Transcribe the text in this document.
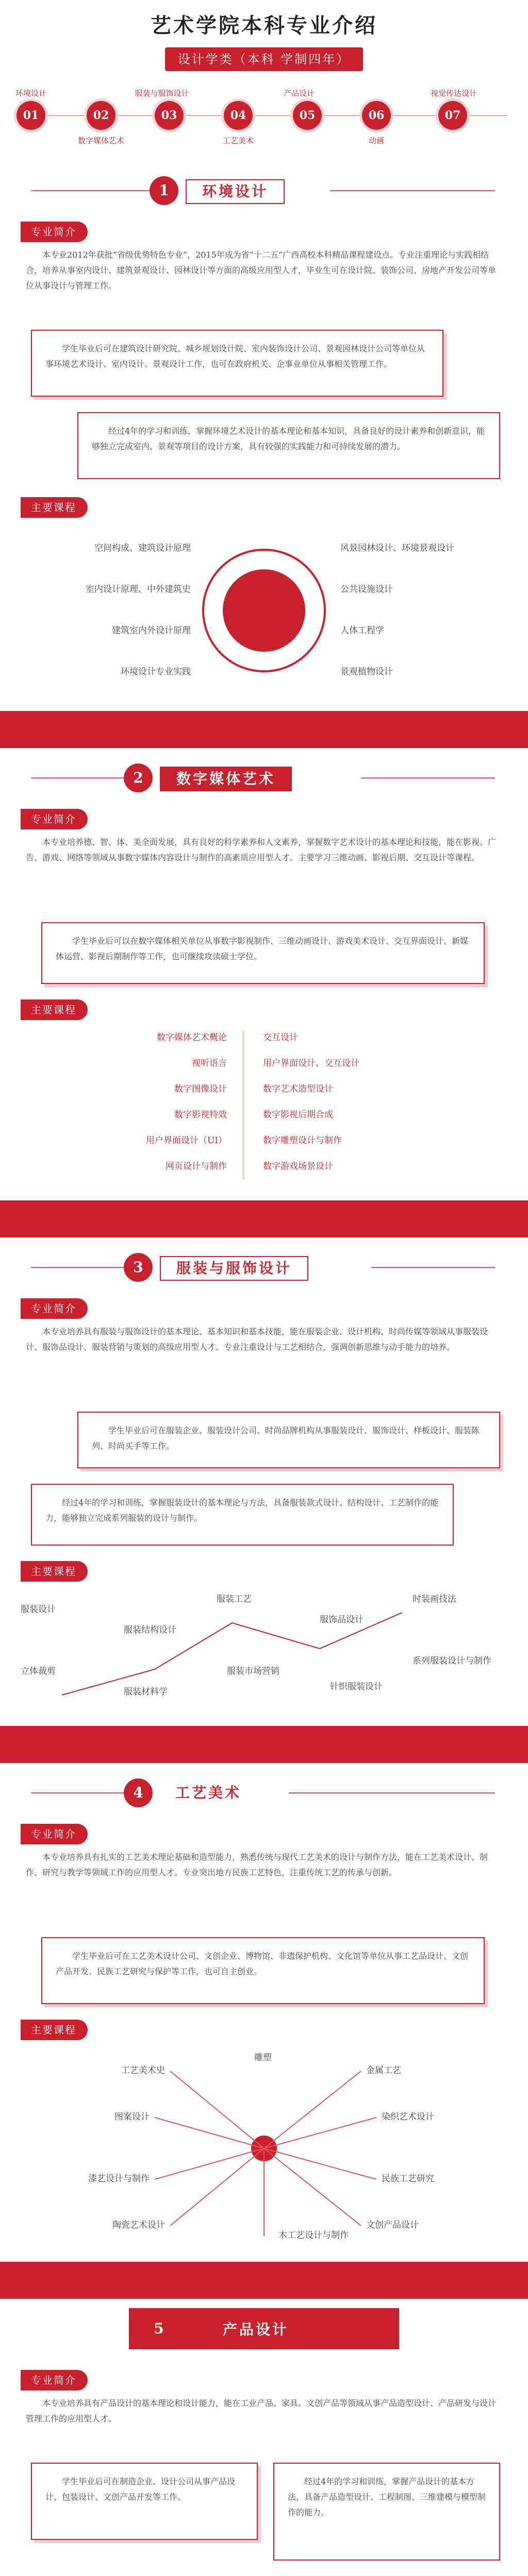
艺术学院本科专业介绍
设计学类（本科 学制四年）
环境设计
01	02
数字媒体艺术
服装与服饰设计
03	04
工艺美术
产品设计
05	06
动画
视觉传达设计
07
1	环境设计
专业简介
本专业2012年获批“省级优势特色专业”，2015年成为省“十二五”广西高校本科精品课程建设点。专业注重理论与实践相结合，培养从事室内设计、建筑景观设计、园林设计等方面的高级应用型人才，毕业生可在设计院、装饰公司、房地产开发公司等单位从事设计与管理工作。
学生毕业后可在建筑设计研究院、城乡规划设计院、室内装饰设计公司、景观园林设计公司等单位从事环境艺术设计、室内设计、景观设计工作，也可在政府机关、企事业单位从事相关管理工作。
经过4年的学习和训练，掌握环境艺术设计的基本理论和基本知识，具备良好的设计素养和创新意识，能够独立完成室内、景观等项目的设计方案，具有较强的实践能力和可持续发展的潜力。
主要课程
空间构成、建筑设计原理
室内设计原理、中外建筑史
建筑室内外设计原理
环境设计专业实践
风景园林设计、环境景观设计
公共设施设计
人体工程学
景观植物设计
2	数字媒体艺术
专业简介
本专业培养德、智、体、美全面发展，具有良好的科学素养和人文素养，掌握数字艺术设计的基本理论和技能，能在影视、广告、游戏、网络等领域从事数字媒体内容设计与制作的高素质应用型人才。主要学习三维动画、影视后期、交互设计等课程。
学生毕业后可以在数字媒体相关单位从事数字影视制作、三维动画设计、游戏美术设计、交互界面设计、新媒体运营、影视后期制作等工作，也可继续攻读硕士学位。
主要课程
数字媒体艺术概论
视听语言
数字图像设计
数字影视特效
用户界面设计（UI）
网页设计与制作
交互设计
用户界面设计、交互设计
数字艺术造型设计
数字影视后期合成
数字雕塑设计与制作
数字游戏场景设计
3	服装与服饰设计
专业简介
本专业培养具有服装与服饰设计的基本理论、基本知识和基本技能，能在服装企业、设计机构、时尚传媒等领域从事服装设计、服饰品设计、服装营销与策划的高级应用型人才。专业注重设计与工艺相结合，强调创新思维与动手能力的培养。
学生毕业后可在服装企业、服装设计公司、时尚品牌机构从事服装设计、服饰设计、样板设计、服装陈列、时尚买手等工作。
经过4年的学习和训练，掌握服装设计的基本理论与方法，具备服装款式设计、结构设计、工艺制作的能力，能够独立完成系列服装的设计与制作。
主要课程
服装设计
服装结构设计
服装工艺
服饰品设计
时装画技法
立体裁剪
服装材料学
服装市场营销
针织服装设计
系列服装设计与制作
4	工艺美术
专业简介
本专业培养具有扎实的工艺美术理论基础和造型能力，熟悉传统与现代工艺美术的设计与制作方法，能在工艺美术设计、制作、研究与教学等领域工作的应用型人才。专业突出地方民族工艺特色，注重传统工艺的传承与创新。
学生毕业后可在工艺美术设计公司、文创企业、博物馆、非遗保护机构、文化馆等单位从事工艺品设计、文创产品开发、民族工艺研究与保护等工作，也可自主创业。
主要课程
工艺美术史
图案设计
漆艺设计与制作
陶瓷艺术设计
金属工艺
染织艺术设计
民族工艺研究
文创产品设计
雕塑
木工艺设计与制作
5	产品设计
专业简介
本专业培养具有产品设计的基本理论和设计能力，能在工业产品、家具、文创产品等领域从事产品造型设计、产品研发与设计管理工作的应用型人才。
学生毕业后可在制造企业、设计公司从事产品设计、包装设计、文创产品开发等工作。
经过4年的学习和训练，掌握产品设计的基本方法，具备产品造型设计、工程制图、三维建模与模型制作的能力。
